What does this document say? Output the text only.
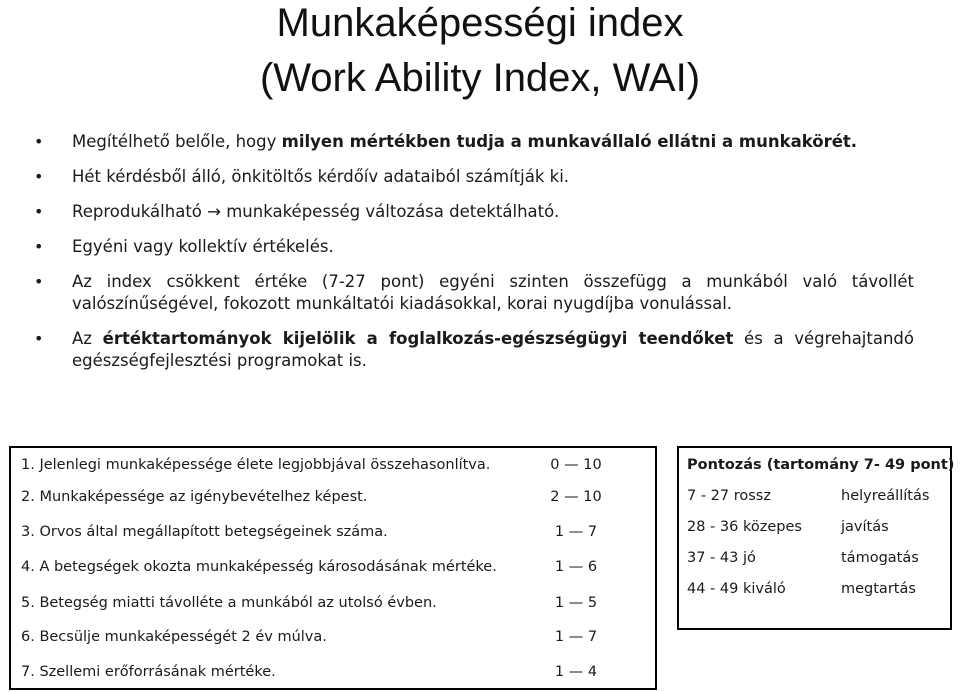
Munkaképességi index
(Work Ability Index, WAI)
• Megítélhető belőle, hogy milyen mértékben tudja a munkavállaló ellátni a munkakörét.
• Hét kérdésből álló, önkitöltős kérdőív adataiból számítják ki.
• Reprodukálható → munkaképesség változása detektálható.
• Egyéni vagy kollektív értékelés.
• Az index csökkent értéke (7-27 pont) egyéni szinten összefügg a munkából való távollét valószínűségével, fokozott munkáltatói kiadásokkal, korai nyugdíjba vonulással.
• Az értéktartományok kijelölik a foglalkozás-egészségügyi teendőket és a végrehajtandó egészségfejlesztési programokat is.
1. Jelenlegi munkaképessége élete legjobbjával összehasonlítva.	0 — 10
2. Munkaképessége az igénybevételhez képest.	2 — 10
3. Orvos által megállapított betegségeinek száma.	1 — 7
4. A betegségek okozta munkaképesség károsodásának mértéke.	1 — 6
5. Betegség miatti távolléte a munkából az utolsó évben.	1 — 5
6. Becsülje munkaképességét 2 év múlva.	1 — 7
7. Szellemi erőforrásának mértéke.	1 — 4
Pontozás (tartomány 7- 49 pont)
7 - 27 rossz	helyreállítás
28 - 36 közepes	javítás
37 - 43 jó	támogatás
44 - 49 kiváló	megtartás
